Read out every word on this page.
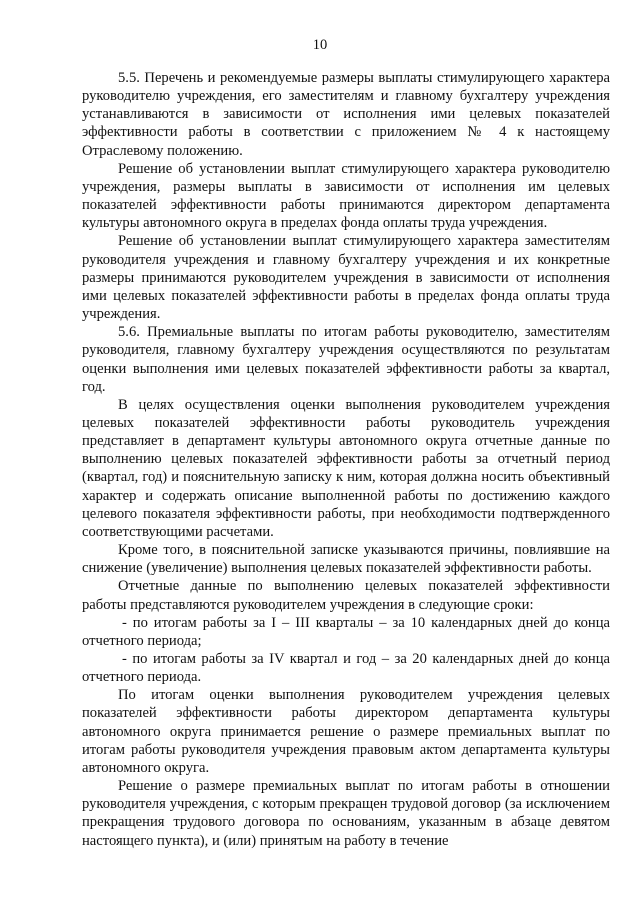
10

5.5. Перечень и рекомендуемые размеры выплаты стимулирующего характера руководителю учреждения, его заместителям и главному бухгалтеру учреждения устанавливаются в зависимости от исполнения ими целевых показателей эффективности работы в соответствии с приложением № 4 к настоящему Отраслевому положению.

Решение об установлении выплат стимулирующего характера руководителю учреждения, размеры выплаты в зависимости от исполнения им целевых показателей эффективности работы принимаются директором департамента культуры автономного округа в пределах фонда оплаты труда учреждения.

Решение об установлении выплат стимулирующего характера заместителям руководителя учреждения и главному бухгалтеру учреждения и их конкретные размеры принимаются руководителем учреждения в зависимости от исполнения ими целевых показателей эффективности работы в пределах фонда оплаты труда учреждения.

5.6. Премиальные выплаты по итогам работы руководителю, заместителям руководителя, главному бухгалтеру учреждения осуществляются по результатам оценки выполнения ими целевых показателей эффективности работы за квартал, год.

В целях осуществления оценки выполнения руководителем учреждения целевых показателей эффективности работы руководитель учреждения представляет в департамент культуры автономного округа отчетные данные по выполнению целевых показателей эффективности работы за отчетный период (квартал, год) и пояснительную записку к ним, которая должна носить объективный характер и содержать описание выполненной работы по достижению каждого целевого показателя эффективности работы, при необходимости подтвержденного соответствующими расчетами.

Кроме того, в пояснительной записке указываются причины, повлиявшие на снижение (увеличение) выполнения целевых показателей эффективности работы.

Отчетные данные по выполнению целевых показателей эффективности работы представляются руководителем учреждения в следующие сроки:

- по итогам работы за I – III кварталы – за 10 календарных дней до конца отчетного периода;

- по итогам работы за IV квартал и год – за 20 календарных дней до конца отчетного периода.

По итогам оценки выполнения руководителем учреждения целевых показателей эффективности работы директором департамента культуры автономного округа принимается решение о размере премиальных выплат по итогам работы руководителя учреждения правовым актом департамента культуры автономного округа.

Решение о размере премиальных выплат по итогам работы в отношении руководителя учреждения, с которым прекращен трудовой договор (за исключением прекращения трудового договора по основаниям, указанным в абзаце девятом настоящего пункта), и (или) принятым на работу в течение
